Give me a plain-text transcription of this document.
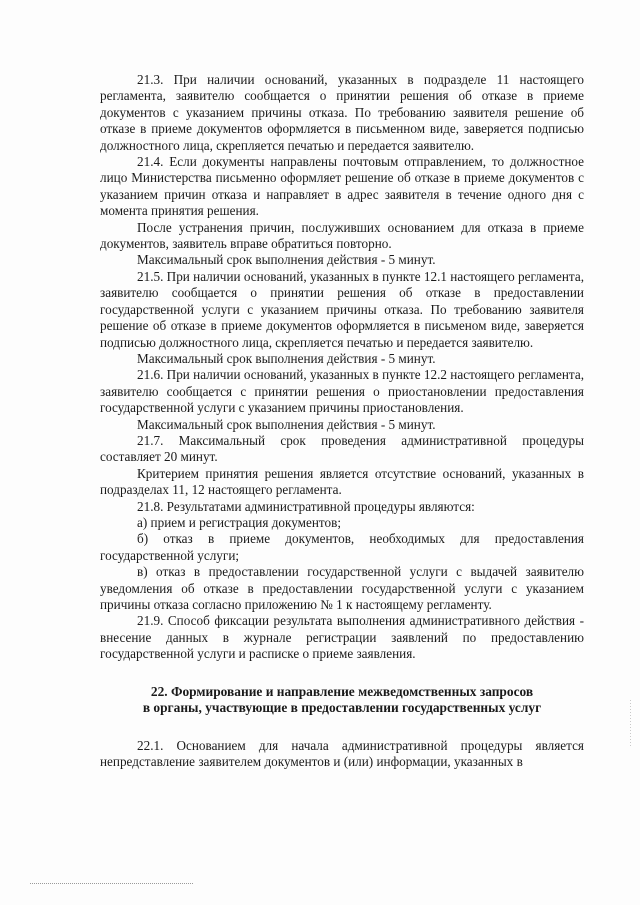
21.3. При наличии оснований, указанных в подразделе 11 настоящего регламента, заявителю сообщается о принятии решения об отказе в приеме документов с указанием причины отказа. По требованию заявителя решение об отказе в приеме документов оформляется в письменном виде, заверяется подписью должностного лица, скрепляется печатью и передается заявителю.

21.4. Если документы направлены почтовым отправлением, то должностное лицо Министерства письменно оформляет решение об отказе в приеме документов с указанием причин отказа и направляет в адрес заявителя в течение одного дня с момента принятия решения.

После устранения причин, послуживших основанием для отказа в приеме документов, заявитель вправе обратиться повторно.

Максимальный срок выполнения действия - 5 минут.

21.5. При наличии оснований, указанных в пункте 12.1 настоящего регламента, заявителю сообщается о принятии решения об отказе в предоставлении государственной услуги с указанием причины отказа. По требованию заявителя решение об отказе в приеме документов оформляется в письменом виде, заверяется подписью должностного лица, скрепляется печатью и передается заявителю.

Максимальный срок выполнения действия - 5 минут.

21.6. При наличии оснований, указанных в пункте 12.2 настоящего регламента, заявителю сообщается с принятии решения о приостановлении предоставления государственной услуги с указанием причины приостановления.

Максимальный срок выполнения действия - 5 минут.

21.7. Максимальный срок проведения административной процедуры составляет 20 минут.

Критерием принятия решения является отсутствие оснований, указанных в подразделах 11, 12 настоящего регламента.

21.8. Результатами административной процедуры являются:

а) прием и регистрация документов;

б) отказ в приеме документов, необходимых для предоставления государственной услуги;

в) отказ в предоставлении государственной услуги с выдачей заявителю уведомления об отказе в предоставлении государственной услуги с указанием причины отказа согласно приложению № 1 к настоящему регламенту.

21.9. Способ фиксации результата выполнения административного действия - внесение данных в журнале регистрации заявлений по предоставлению государственной услуги и расписке о приеме заявления.

22. Формирование и направление межведомственных запросов
в органы, участвующие в предоставлении государственных услуг

22.1. Основанием для начала административной процедуры является непредставление заявителем документов и (или) информации, указанных в
